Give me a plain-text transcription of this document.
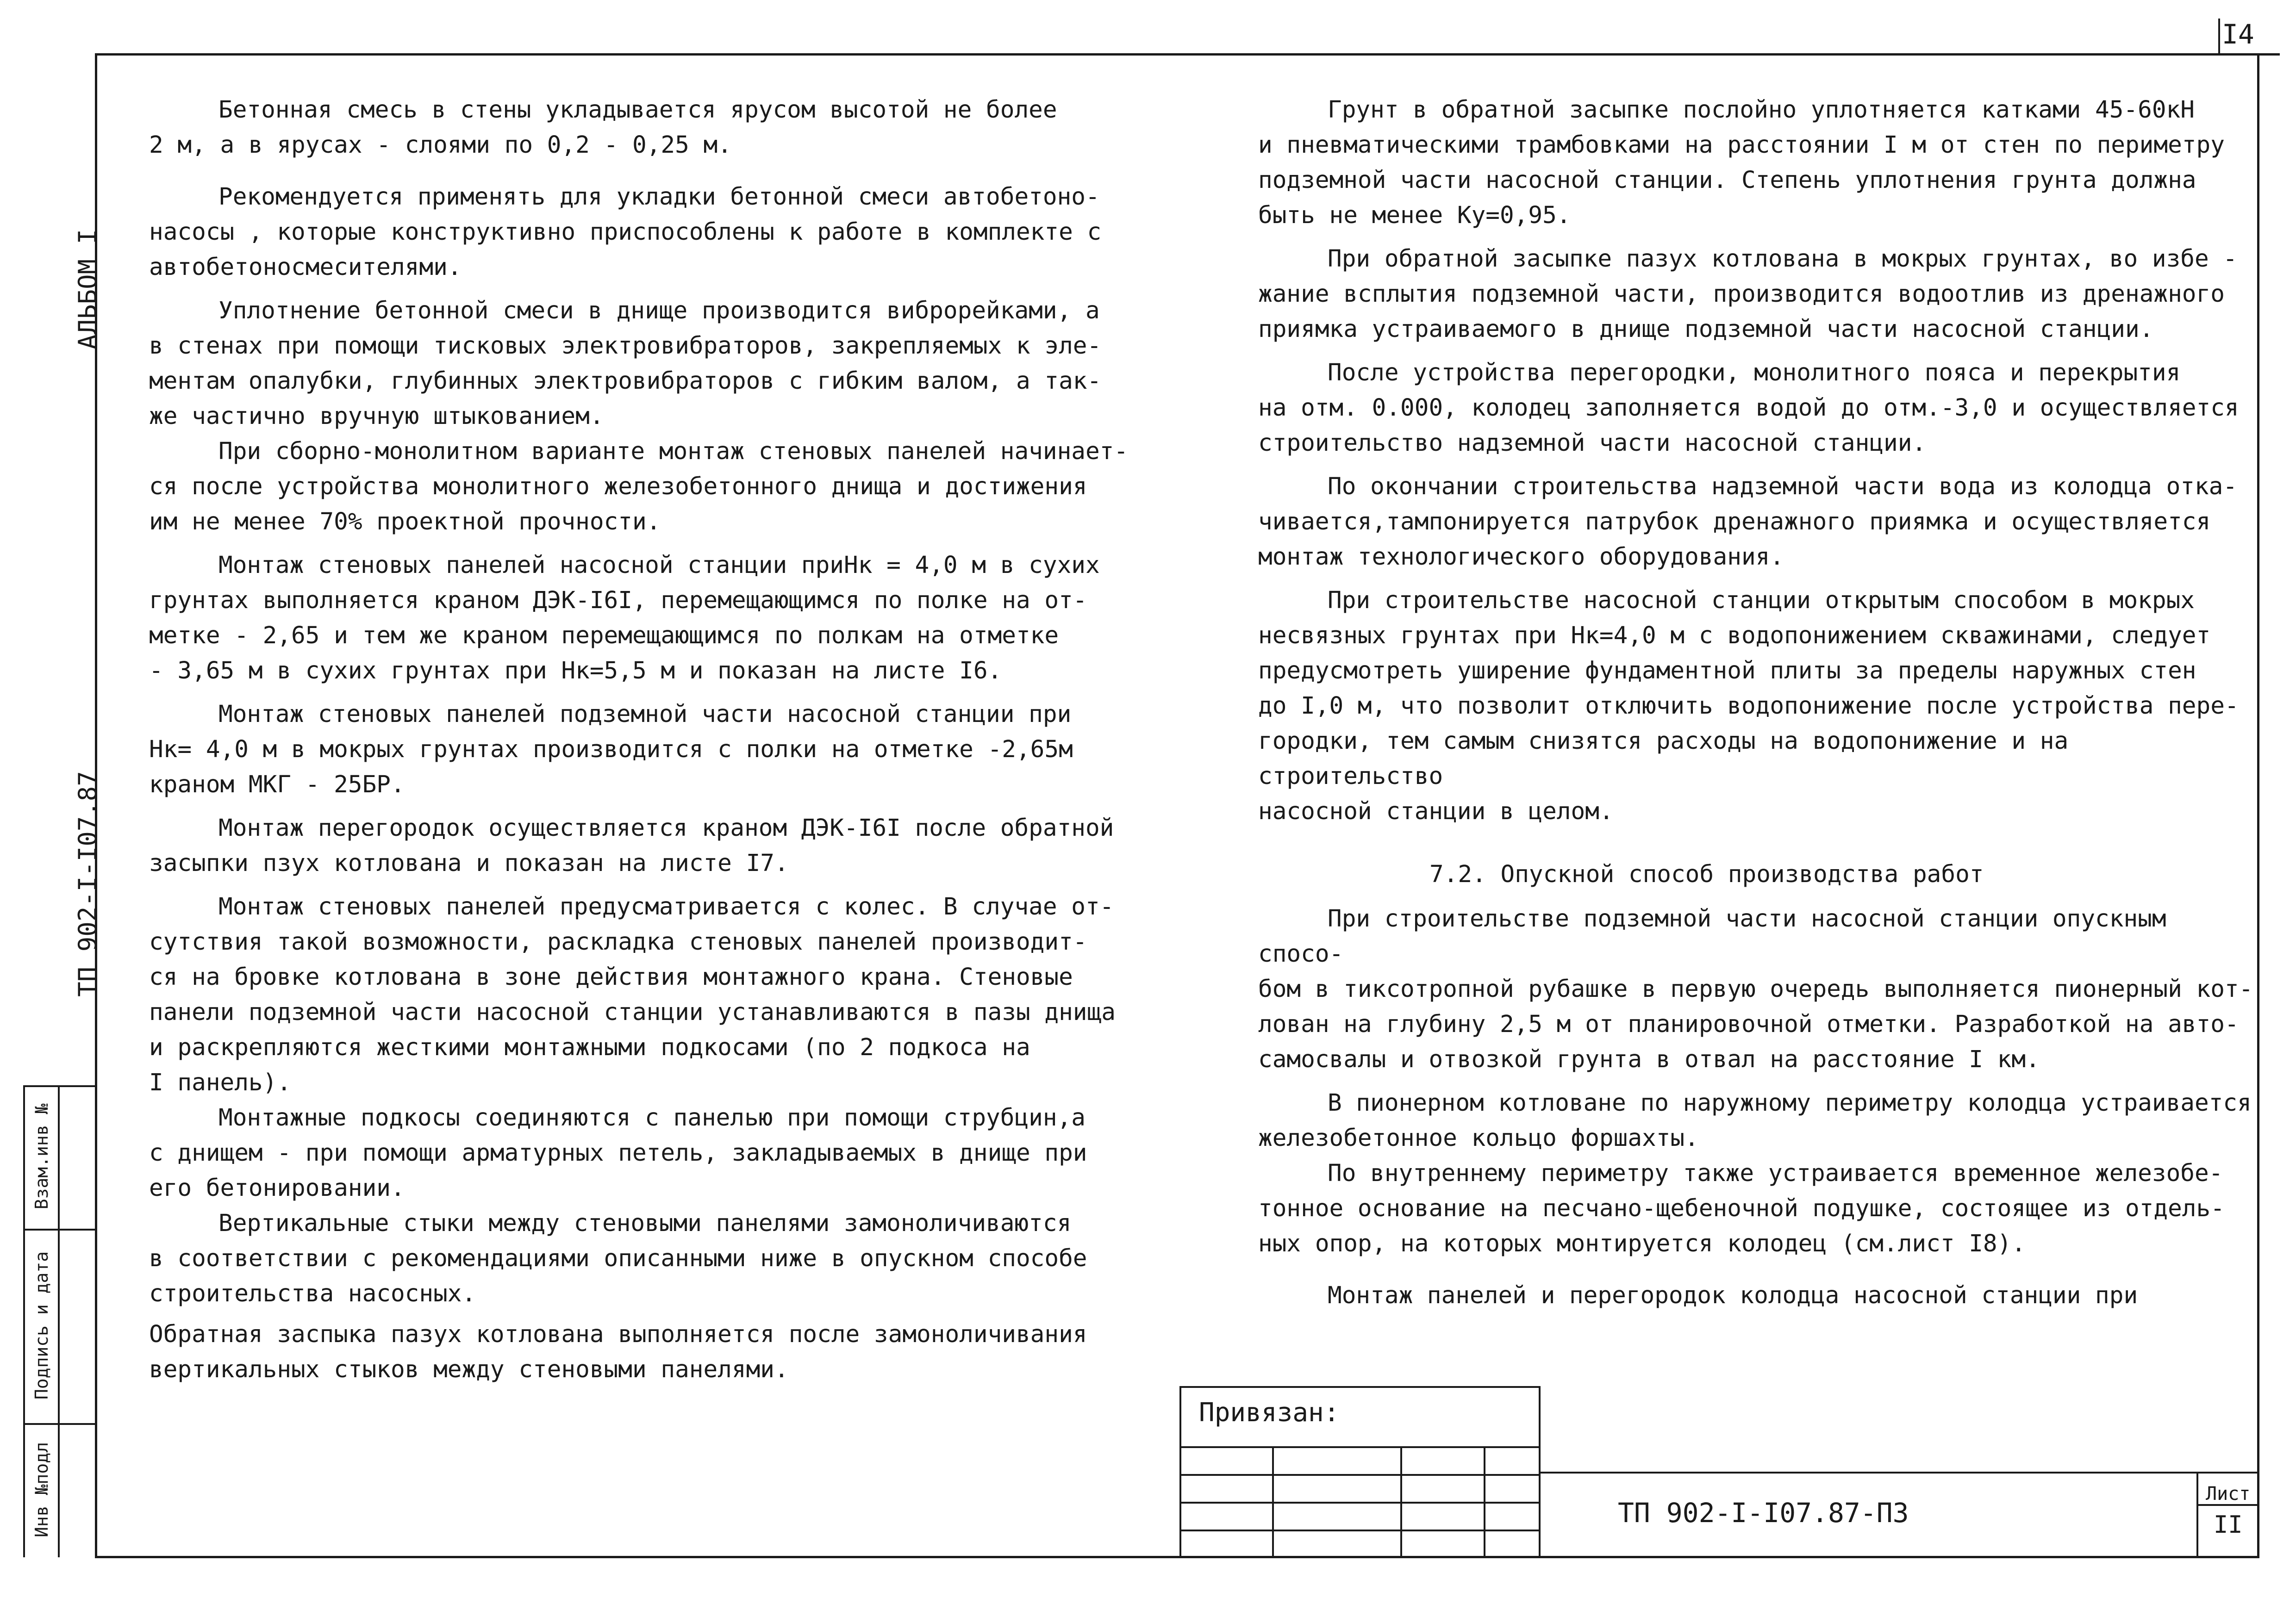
I4
АЛЬБОМ I
ТП 902-I-I07.87
Взам.инв №
Подпись и дата
Инв №подл

Бетонная смесь в стены укладывается ярусом высотой не более
2 м, а в ярусах - слоями по 0,2 - 0,25 м.

Рекомендуется применять для укладки бетонной смеси автобетоно-
насосы , которые конструктивно приспособлены к работе в комплекте с
автобетоносмесителями.

Уплотнение бетонной смеси в днище производится виброрейками, а
в стенах при помощи тисковых электровибраторов, закрепляемых к эле-
ментам опалубки, глубинных электровибраторов с гибким валом, а так-
же частично вручную штыкованием.

При сборно-монолитном варианте монтаж стеновых панелей начинает-
ся после устройства монолитного железобетонного днища и достижения
им не менее 70% проектной прочности.

Монтаж стеновых панелей насосной станции приНк = 4,0 м в сухих
грунтах выполняется краном ДЭК-I6I, перемещающимся по полке на от-
метке - 2,65 и тем же краном перемещающимся по полкам на отметке
- 3,65 м в сухих грунтах при Нк=5,5 м и показан на листе I6.

Монтаж стеновых панелей подземной части насосной станции при
Нк= 4,0 м в мокрых грунтах производится с полки на отметке -2,65м
краном МКГ - 25БР.

Монтаж перегородок осуществляется краном ДЭК-I6I после обратной
засыпки пзух котлована и показан на листе I7.

Монтаж стеновых панелей предусматривается с колес. В случае от-
сутствия такой возможности, раскладка стеновых панелей производит-
ся на бровке котлована в зоне действия монтажного крана. Стеновые
панели подземной части насосной станции устанавливаются в пазы днища
и раскрепляются жесткими монтажными подкосами (по 2 подкоса на
I панель).

Монтажные подкосы соединяются с панелью при помощи струбцин,а
с днищем - при помощи арматурных петель, закладываемых в днище при
его бетонировании.

Вертикальные стыки между стеновыми панелями замоноличиваются
в соответствии с рекомендациями описанными ниже в опускном способе
строительства насосных.

Обратная заспыка пазух котлована выполняется после замоноличивания
вертикальных стыков между стеновыми панелями.

Грунт в обратной засыпке послойно уплотняется катками 45-60кН
и пневматическими трамбовками на расстоянии I м от стен по периметру
подземной части насосной станции. Степень уплотнения грунта должна
быть не менее Ку=0,95.

При обратной засыпке пазух котлована в мокрых грунтах, во избе -
жание всплытия подземной части, производится водоотлив из дренажного
приямка устраиваемого в днище подземной части насосной станции.

После устройства перегородки, монолитного пояса и перекрытия
на отм. 0.000, колодец заполняется водой до отм.-3,0 и осуществляется
строительство надземной части насосной станции.

По окончании строительства надземной части вода из колодца отка-
чивается,тампонируется патрубок дренажного приямка и осуществляется
монтаж технологического оборудования.

При строительстве насосной станции открытым способом в мокрых
несвязных грунтах при Нк=4,0 м с водопонижением скважинами, следует
предусмотреть уширение фундаментной плиты за пределы наружных стен
до I,0 м, что позволит отключить водопонижение после устройства пере-
городки, тем самым снизятся расходы на водопонижение и на строительство
насосной станции в целом.

7.2. Опускной способ производства работ

При строительстве подземной части насосной станции опускным спосо-
бом в тиксотропной рубашке в первую очередь выполняется пионерный кот-
лован на глубину 2,5 м от планировочной отметки. Разработкой на авто-
самосвалы и отвозкой грунта в отвал на расстояние I км.

В пионерном котловане по наружному периметру колодца устраивается
железобетонное кольцо форшахты.

По внутреннему периметру также устраивается временное железобе-
тонное основание на песчано-щебеночной подушке, состоящее из отдель-
ных опор, на которых монтируется колодец (см.лист I8).

Монтаж панелей и перегородок колодца насосной станции при

Привязан:
ТП 902-I-I07.87-ПЗ
Лист
II
